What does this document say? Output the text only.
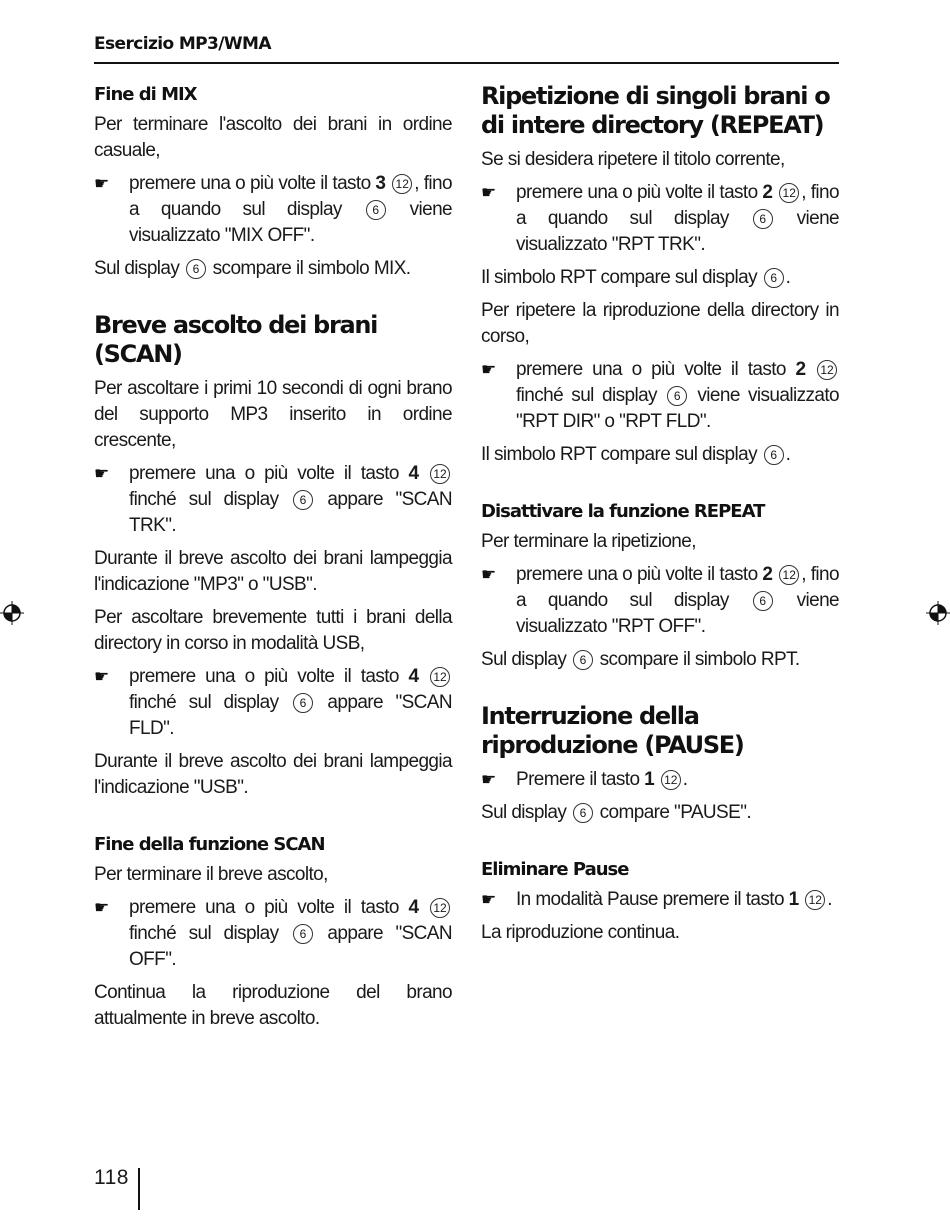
Esercizio MP3/WMA
Fine di MIX

Per terminare l'ascolto dei brani in ordine casuale,

☛	premere una o più volte il tasto 3 12 , fino a quando sul display 6 viene visualizzato "MIX OFF".

Sul display 6 scompare il simbolo MIX.

Breve ascolto dei brani (SCAN)

Per ascoltare i primi 10 secondi di ogni brano del supporto MP3 inserito in ordine crescente,

☛	premere una o più volte il tasto 4 12 finché sul display 6 appare "SCAN TRK".

Durante il breve ascolto dei brani lampeggia l'indicazione "MP3" o "USB".

Per ascoltare brevemente tutti i brani della directory in corso in modalità USB,

☛	premere una o più volte il tasto 4 12 finché sul display 6 appare "SCAN FLD".

Durante il breve ascolto dei brani lampeggia l'indicazione "USB".

Fine della funzione SCAN

Per terminare il breve ascolto,

☛	premere una o più volte il tasto 4 12 finché sul display 6 appare "SCAN OFF".

Continua la riproduzione del brano attualmente in breve ascolto.

Ripetizione di singoli brani o di intere directory (REPEAT)

Se si desidera ripetere il titolo corrente,

☛	premere una o più volte il tasto 2 12 , fino a quando sul display 6 viene visualizzato "RPT TRK".

Il simbolo RPT compare sul display 6 .

Per ripetere la riproduzione della directory in corso,

☛	premere una o più volte il tasto 2 12 finché sul display 6 viene visualizzato "RPT DIR" o "RPT FLD".

Il simbolo RPT compare sul display 6 .

Disattivare la funzione REPEAT

Per terminare la ripetizione,

☛	premere una o più volte il tasto 2 12 , fino a quando sul display 6 viene visualizzato "RPT OFF".

Sul display 6 scompare il simbolo RPT.

Interruzione della riproduzione (PAUSE)
☛	Premere il tasto 1 12 .

Sul display 6 compare "PAUSE".

Eliminare Pause
☛	In modalità Pause premere il tasto 1 12 .

La riproduzione continua.

118
